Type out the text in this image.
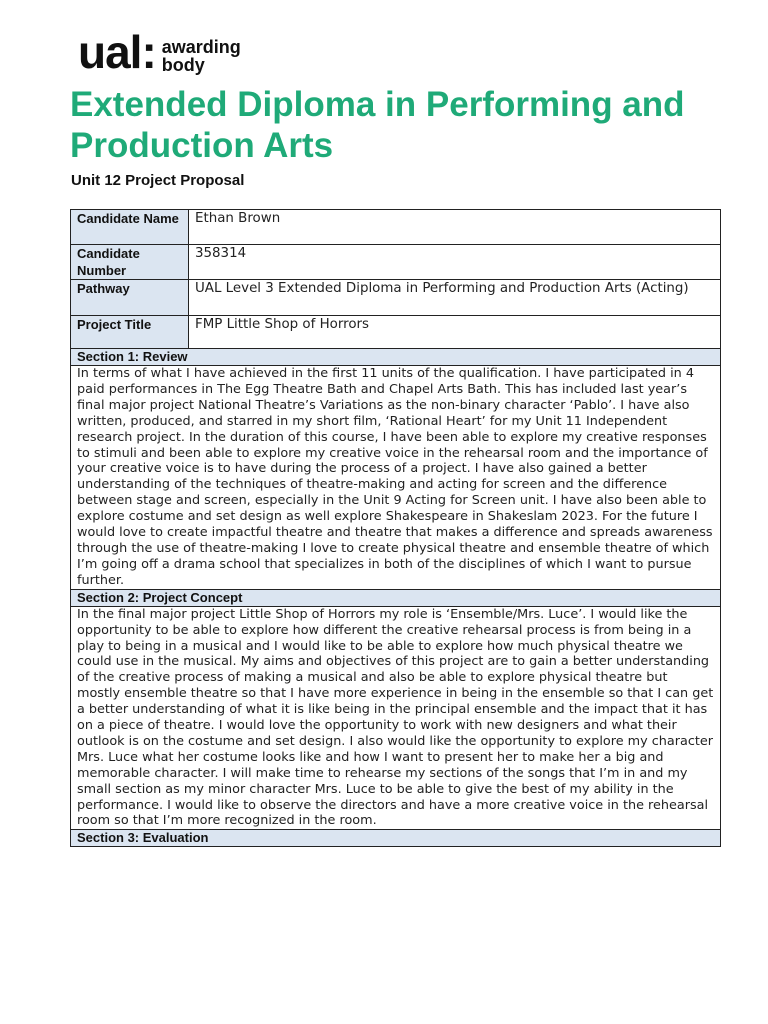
ual: awarding
body
Extended Diploma in Performing and Production Arts
Unit 12 Project Proposal
Candidate Name	Ethan Brown
Candidate Number	358314
Pathway	UAL Level 3 Extended Diploma in Performing and Production Arts (Acting)
Project Title	FMP Little Shop of Horrors
Section 1: Review	
In terms of what I have achieved in the first 11 units of the qualification. I have participated in 4 paid performances in The Egg Theatre Bath and Chapel Arts Bath. This has included last year’s final major project National Theatre’s Variations as the non-binary character ‘Pablo’. I have also written, produced, and starred in my short film, ‘Rational Heart’ for my Unit 11 Independent research project. In the duration of this course, I have been able to explore my creative responses to stimuli and been able to explore my creative voice in the rehearsal room and the importance of your creative voice is to have during the process of a project. I have also gained a better understanding of the techniques of theatre-making and acting for screen and the difference between stage and screen, especially in the Unit 9 Acting for Screen unit. I have also been able to explore costume and set design as well explore Shakespeare in Shakeslam 2023. For the future I would love to create impactful theatre and theatre that makes a difference and spreads awareness through the use of theatre-making I love to create physical theatre and ensemble theatre of which I’m going off a drama school that specializes in both of the disciplines of which I want to pursue further.	
Section 2: Project Concept	
In the final major project Little Shop of Horrors my role is ‘Ensemble/Mrs. Luce’. I would like the opportunity to be able to explore how different the creative rehearsal process is from being in a play to being in a musical and I would like to be able to explore how much physical theatre we could use in the musical. My aims and objectives of this project are to gain a better understanding of the creative process of making a musical and also be able to explore physical theatre but mostly ensemble theatre so that I have more experience in being in the ensemble so that I can get a better understanding of what it is like being in the principal ensemble and the impact that it has on a piece of theatre. I would love the opportunity to work with new designers and what their outlook is on the costume and set design. I also would like the opportunity to explore my character Mrs. Luce what her costume looks like and how I want to present her to make her a big and memorable character. I will make time to rehearse my sections of the songs that I’m in and my small section as my minor character Mrs. Luce to be able to give the best of my ability in the performance. I would like to observe the directors and have a more creative voice in the rehearsal room so that I’m more recognized in the room.	
Section 3: Evaluation	
